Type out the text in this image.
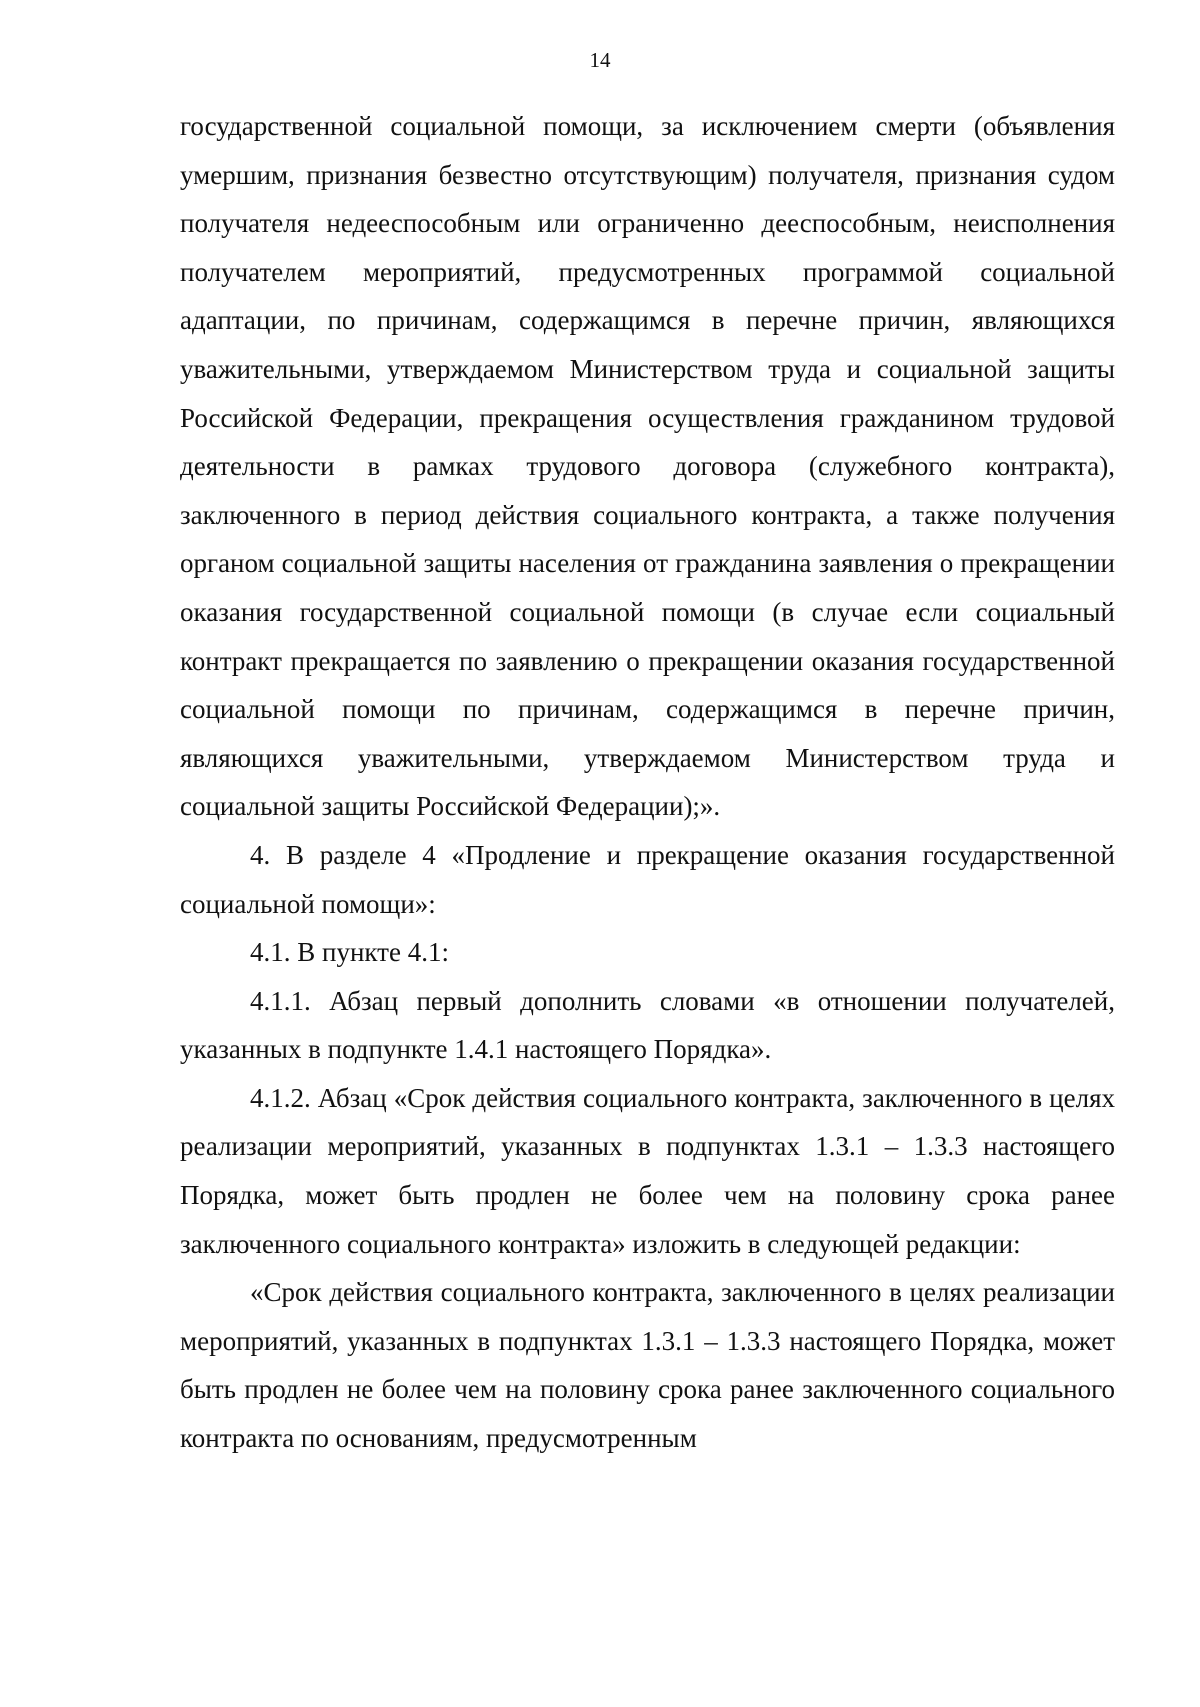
14

государственной социальной помощи, за исключением смерти (объявления умершим, признания безвестно отсутствующим) получателя, признания судом получателя недееспособным или ограниченно дееспособным, неисполнения получателем мероприятий, предусмотренных программой социальной адаптации, по причинам, содержащимся в перечне причин, являющихся уважительными, утверждаемом Министерством труда и социальной защиты Российской Федерации, прекращения осуществления гражданином трудовой деятельности в рамках трудового договора (служебного контракта), заключенного в период действия социального контракта, а также получения органом социальной защиты населения от гражданина заявления о прекращении оказания государственной социальной помощи (в случае если социальный контракт прекращается по заявлению о прекращении оказания государственной социальной помощи по причинам, содержащимся в перечне причин, являющихся уважительными, утверждаемом Министерством труда и социальной защиты Российской Федерации);».

4. В разделе 4 «Продление и прекращение оказания государственной социальной помощи»:

4.1. В пункте 4.1:

4.1.1. Абзац первый дополнить словами «в отношении получателей, указанных в подпункте 1.4.1 настоящего Порядка».

4.1.2. Абзац «Срок действия социального контракта, заключенного в целях реализации мероприятий, указанных в подпунктах 1.3.1 – 1.3.3 настоящего Порядка, может быть продлен не более чем на половину срока ранее заключенного социального контракта» изложить в следующей редакции:

«Срок действия социального контракта, заключенного в целях реализации мероприятий, указанных в подпунктах 1.3.1 – 1.3.3 настоящего Порядка, может быть продлен не более чем на половину срока ранее заключенного социального контракта по основаниям, предусмотренным
